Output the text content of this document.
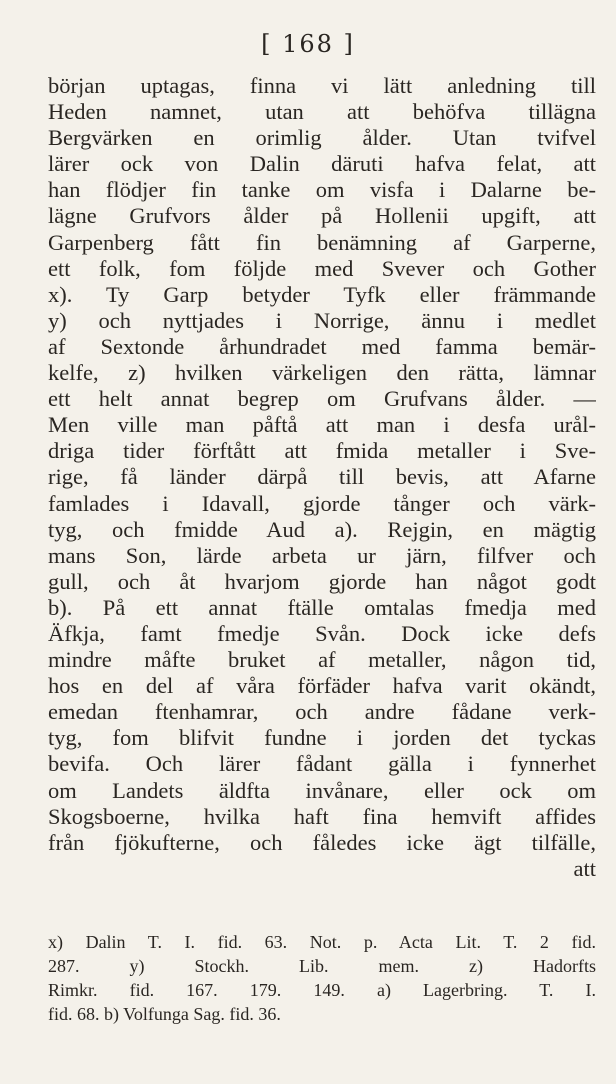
[ 168 ]
början uptagas, finna vi lätt anledning till
Heden namnet, utan att behöfva tillägna
Bergvärken en orimlig ålder. Utan tvifvel
lärer ock von Dalin däruti hafva felat, att
han flödjer fin tanke om visfa i Dalarne be-
lägne Grufvors ålder på Hollenii upgift, att
Garpenberg fått fin benämning af Garperne,
ett folk, fom följde med Svever och Gother
x). Ty Garp betyder Tyfk eller främmande
y) och nyttjades i Norrige, ännu i medlet
af Sextonde århundradet med famma bemär-
kelfe, z) hvilken värkeligen den rätta, lämnar
ett helt annat begrep om Grufvans ålder. —
Men ville man påftå att man i desfa urål-
driga tider förftått att fmida metaller i Sve-
rige, få länder därpå till bevis, att Afarne
famlades i Idavall, gjorde tånger och värk-
tyg, och fmidde Aud a). Rejgin, en mägtig
mans Son, lärde arbeta ur järn, filfver och
gull, och åt hvarjom gjorde han något godt
b). På ett annat ftälle omtalas fmedja med
Äfkja, famt fmedje Svån. Dock icke defs
mindre måfte bruket af metaller, någon tid,
hos en del af våra förfäder hafva varit okändt,
emedan ftenhamrar, och andre fådane verk-
tyg, fom blifvit fundne i jorden det tyckas
bevifa. Och lärer fådant gälla i fynnerhet
om Landets äldfta invånare, eller ock om
Skogsboerne, hvilka haft fina hemvift affides
från fjökufterne, och fåledes icke ägt tilfälle,
att
x) Dalin T. I. fid. 63. Not. p. Acta Lit. T. 2 fid.
287. y) Stockh. Lib. mem. z) Hadorfts
Rimkr. fid. 167. 179. 149. a) Lagerbring. T. I.
fid. 68. b) Volfunga Sag. fid. 36.
